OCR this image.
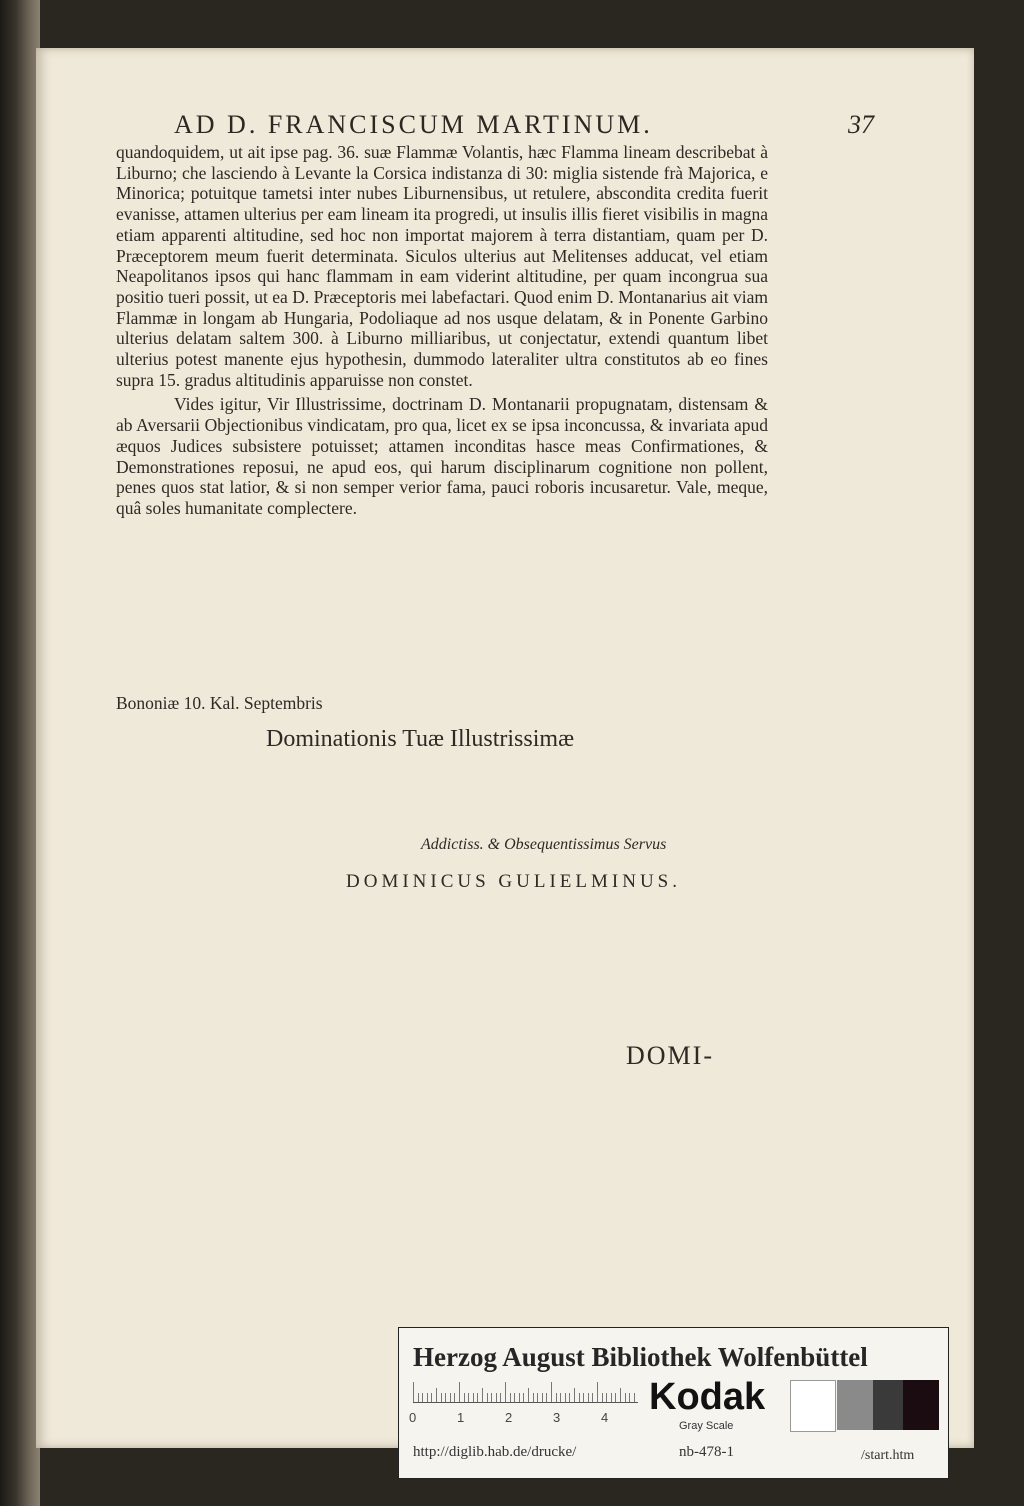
AD D. FRANCISCUM MARTINUM.	37

quandoquidem, ut ait ipse pag. 36. suæ Flammæ Volantis, hæc Flamma lineam describebat à Liburno; che lasciendo à Levante la Corsica indistanza di 30: miglia sistende frà Majorica, e Minorica; potuitque tametsi inter nubes Liburnensibus, ut retulere, abscondita credita fuerit evanisse, attamen ulterius per eam lineam ita progredi, ut insulis illis fieret visibilis in magna etiam apparenti altitudine, sed hoc non importat majorem à terra distantiam, quam per D. Præceptorem meum fuerit determinata. Siculos ulterius aut Melitenses adducat, vel etiam Neapolitanos ipsos qui hanc flammam in eam viderint altitudine, per quam incongrua sua positio tueri possit, ut ea D. Præceptoris mei labefactari. Quod enim D. Montanarius ait viam Flammæ in longam ab Hungaria, Podoliaque ad nos usque delatam, & in Ponente Garbino ulterius delatam saltem 300. à Liburno milliaribus, ut conjectatur, extendi quantum libet ulterius potest manente ejus hypothesin, dummodo lateraliter ultra constitutos ab eo fines supra 15. gradus altitudinis apparuisse non constet.

Vides igitur, Vir Illustrissime, doctrinam D. Montanarii propugnatam, distensam & ab Aversarii Objectionibus vindicatam, pro qua, licet ex se ipsa inconcussa, & invariata apud æquos Judices subsistere potuisset; attamen inconditas hasce meas Confirmationes, & Demonstrationes reposui, ne apud eos, qui harum disciplinarum cognitione non pollent, penes quos stat latior, & si non semper verior fama, pauci roboris incusaretur. Vale, meque, quâ soles humanitate complectere.

Bononiæ 10. Kal. Septembris
Dominationis Tuæ Illustrissimæ
Addictiss. & Obsequentissimus Servus
DOMINICUS GULIELMINUS.
DOMI-
Herzog August Bibliothek Wolfenbüttel
0	1	2	3	4 Kodak
Gray Scale
http://diglib.hab.de/drucke/	nb-478-1	/start.htm
